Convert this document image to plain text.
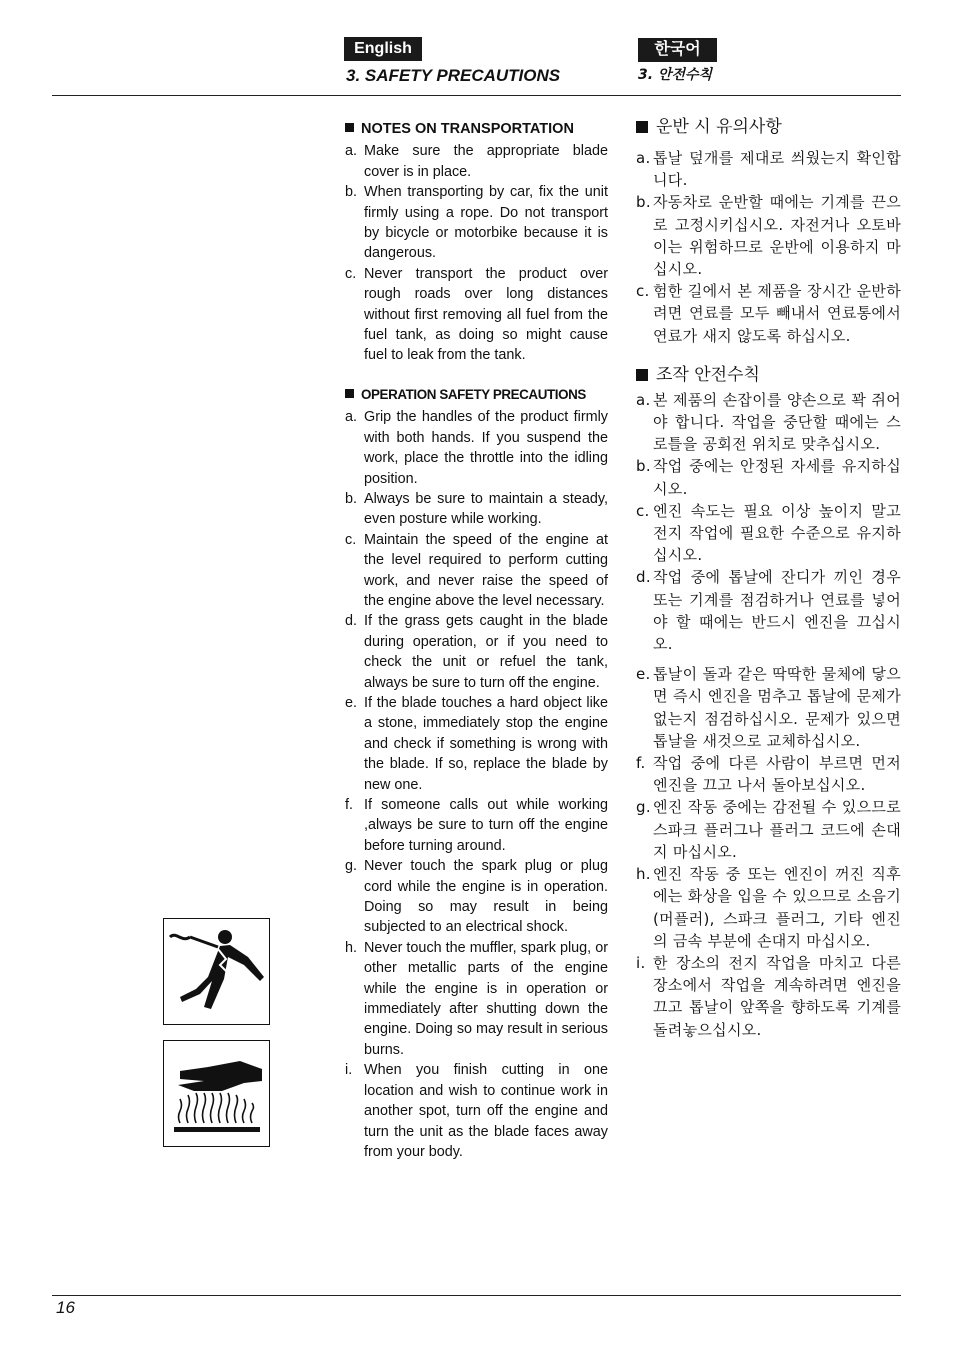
English
3. SAFETY PRECAUTIONS
한국어
3. 안전수칙
NOTES ON TRANSPORTATION
a. Make sure the appropriate blade cover is in place.
b. When transporting by car, fix the unit firmly using a rope. Do not transport by bicycle or motorbike because it is dangerous.
c. Never transport the product over rough roads over long distances without first removing all fuel from the fuel tank, as doing so might cause fuel to leak from the tank.
OPERATION SAFETY PRECAUTIONS
a. Grip the handles of the product firmly with both hands. If you suspend the work, place the throttle into the idling position.
b. Always be sure to maintain a steady, even posture while working.
c. Maintain the speed of the engine at the level required to perform cutting work, and never raise the speed of the engine above the level necessary.
d. If the grass gets caught in the blade during operation, or if you need to check the unit or refuel the tank, always be sure to turn off the engine.
e. If the blade touches a hard object like a stone, immediately stop the engine and check if something is wrong with the blade. If so, replace the blade by new one.
f. If someone calls out while working ,always be sure to turn off the engine before turning around.
g. Never touch the spark plug or plug cord while the engine is in operation. Doing so may result in being subjected to an electrical shock.
h. Never touch the muffler, spark plug, or other metallic parts of the engine while the engine is in operation or immediately after shutting down the engine. Doing so may result in serious burns.
i. When you finish cutting in one location and wish to continue work in another spot, turn off the engine and turn the unit as the blade faces away from your body.
운반 시 유의사항
a. 톱날 덮개를 제대로 씌웠는지 확인합니다.
b. 자동차로 운반할 때에는 기계를 끈으로 고정시키십시오. 자전거나 오토바이는 위험하므로 운반에 이용하지 마십시오.
c. 험한 길에서 본 제품을 장시간 운반하려면 연료를 모두 빼내서 연료통에서 연료가 새지 않도록 하십시오.
조작 안전수칙
a. 본 제품의 손잡이를 양손으로 꽉 쥐어야 합니다. 작업을 중단할 때에는 스로틀을 공회전 위치로 맞추십시오.
b. 작업 중에는 안정된 자세를 유지하십시오.
c. 엔진 속도는 필요 이상 높이지 말고 전지 작업에 필요한 수준으로 유지하십시오.
d. 작업 중에 톱날에 잔디가 끼인 경우 또는 기계를 점검하거나 연료를 넣어야 할 때에는 반드시 엔진을 끄십시오.
e. 톱날이 돌과 같은 딱딱한 물체에 닿으면 즉시 엔진을 멈추고 톱날에 문제가 없는지 점검하십시오. 문제가 있으면 톱날을 새것으로 교체하십시오.
f. 작업 중에 다른 사람이 부르면 먼저 엔진을 끄고 나서 돌아보십시오.
g. 엔진 작동 중에는 감전될 수 있으므로 스파크 플러그나 플러그 코드에 손대지 마십시오.
h. 엔진 작동 중 또는 엔진이 꺼진 직후에는 화상을 입을 수 있으므로 소음기(머플러), 스파크 플러그, 기타 엔진의 금속 부분에 손대지 마십시오.
i. 한 장소의 전지 작업을 마치고 다른 장소에서 작업을 계속하려면 엔진을 끄고 톱날이 앞쪽을 향하도록 기계를 돌려놓으십시오.
16
